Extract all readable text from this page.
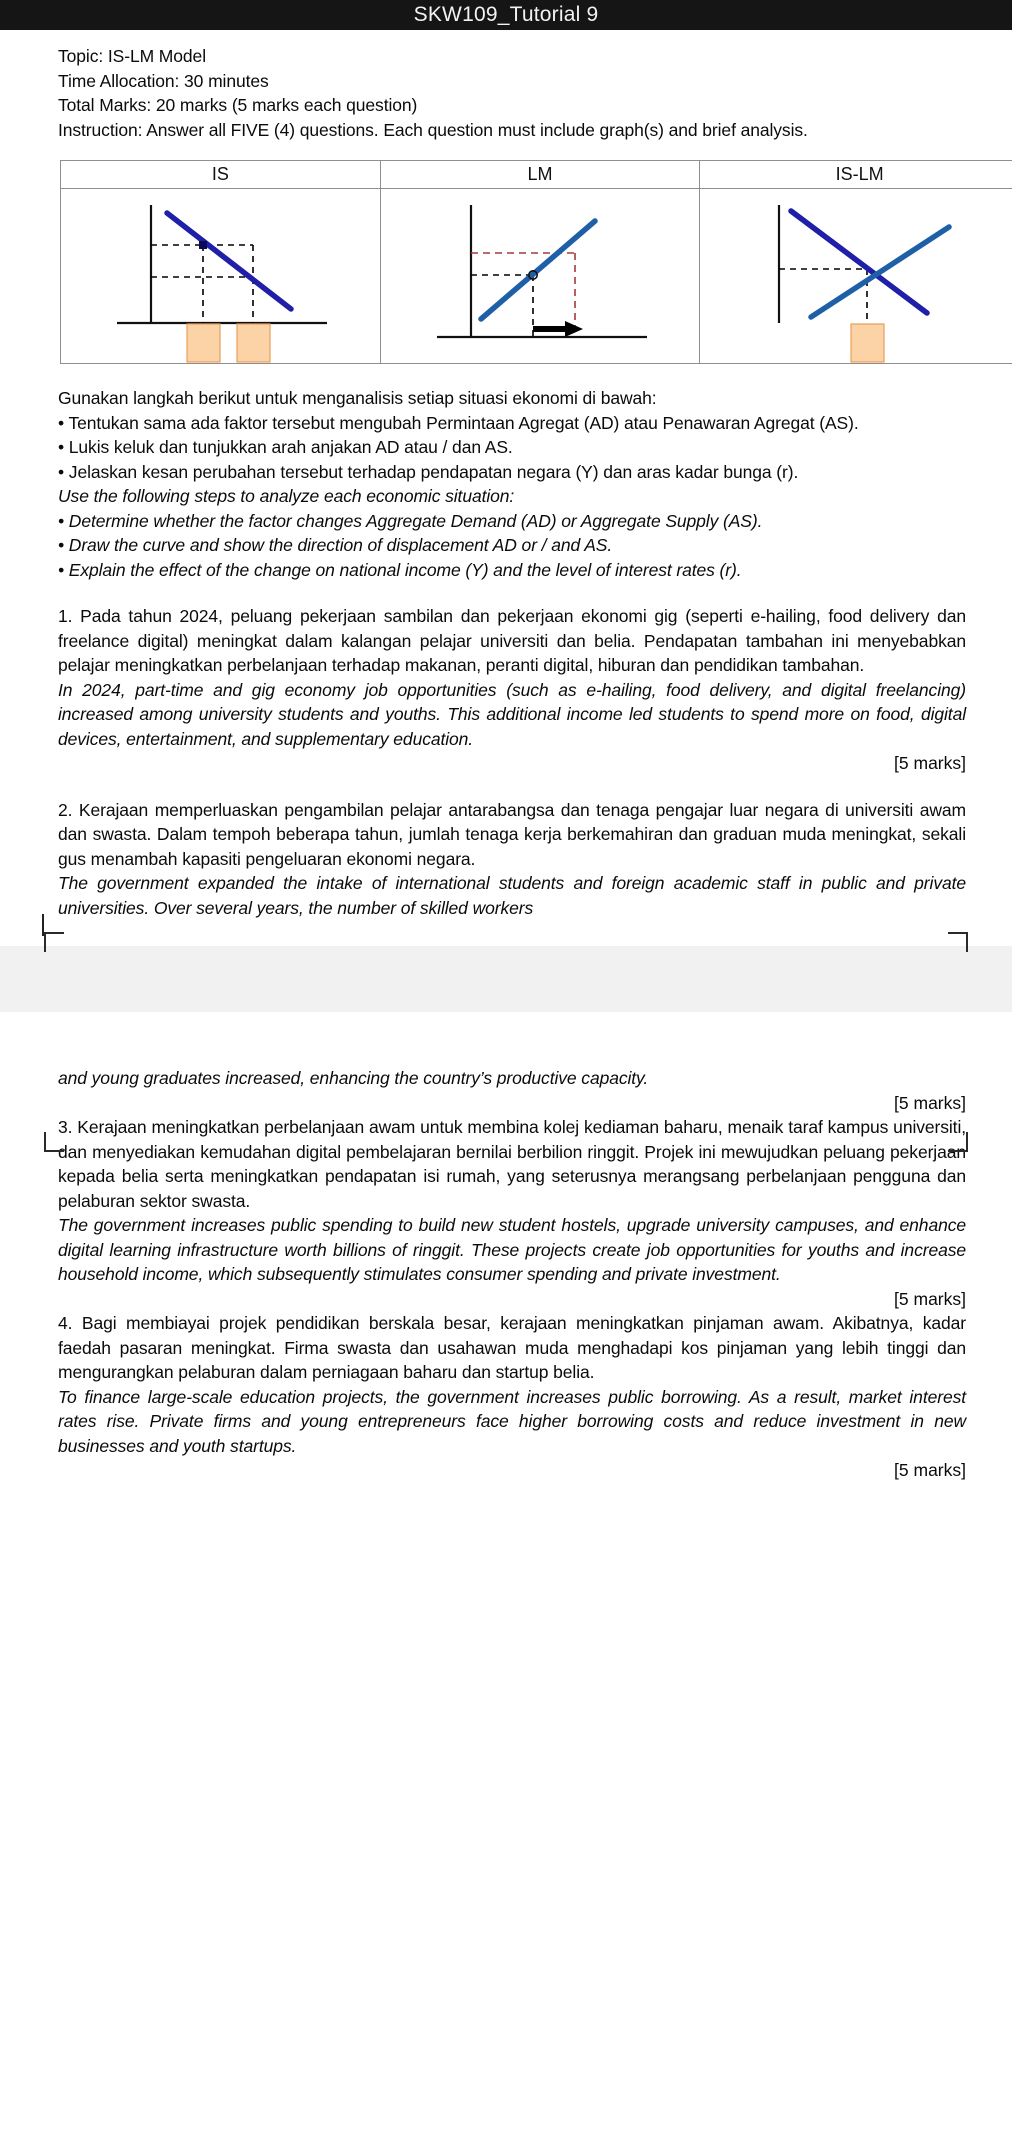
SKW109_Tutorial 9

Topic: IS-LM Model

Time Allocation: 30 minutes

Total Marks: 20 marks (5 marks each question)

Instruction: Answer all FIVE (4) questions. Each question must include graph(s) and brief analysis.

IS	LM	IS-LM

Gunakan langkah berikut untuk menganalisis setiap situasi ekonomi di bawah:

• Tentukan sama ada faktor tersebut mengubah Permintaan Agregat (AD) atau Penawaran Agregat (AS).

• Lukis keluk dan tunjukkan arah anjakan AD atau / dan AS.

• Jelaskan kesan perubahan tersebut terhadap pendapatan negara (Y) dan aras kadar bunga (r).

Use the following steps to analyze each economic situation:

• Determine whether the factor changes Aggregate Demand (AD) or Aggregate Supply (AS).

• Draw the curve and show the direction of displacement AD or / and AS.

• Explain the effect of the change on national income (Y) and the level of interest rates (r).

1. Pada tahun 2024, peluang pekerjaan sambilan dan pekerjaan ekonomi gig (seperti e-hailing, food delivery dan freelance digital) meningkat dalam kalangan pelajar universiti dan belia. Pendapatan tambahan ini menyebabkan pelajar meningkatkan perbelanjaan terhadap makanan, peranti digital, hiburan dan pendidikan tambahan.

In 2024, part-time and gig economy job opportunities (such as e-hailing, food delivery, and digital freelancing) increased among university students and youths. This additional income led students to spend more on food, digital devices, entertainment, and supplementary education.

[5 marks]

2. Kerajaan memperluaskan pengambilan pelajar antarabangsa dan tenaga pengajar luar negara di universiti awam dan swasta. Dalam tempoh beberapa tahun, jumlah tenaga kerja berkemahiran dan graduan muda meningkat, sekali gus menambah kapasiti pengeluaran ekonomi negara.

The government expanded the intake of international students and foreign academic staff in public and private universities. Over several years, the number of skilled workers

and young graduates increased, enhancing the country’s productive capacity.

[5 marks]

3. Kerajaan meningkatkan perbelanjaan awam untuk membina kolej kediaman baharu, menaik taraf kampus universiti, dan menyediakan kemudahan digital pembelajaran bernilai berbilion ringgit. Projek ini mewujudkan peluang pekerjaan kepada belia serta meningkatkan pendapatan isi rumah, yang seterusnya merangsang perbelanjaan pengguna dan pelaburan sektor swasta.

The government increases public spending to build new student hostels, upgrade university campuses, and enhance digital learning infrastructure worth billions of ringgit. These projects create job opportunities for youths and increase household income, which subsequently stimulates consumer spending and private investment.

[5 marks]

4. Bagi membiayai projek pendidikan berskala besar, kerajaan meningkatkan pinjaman awam. Akibatnya, kadar faedah pasaran meningkat. Firma swasta dan usahawan muda menghadapi kos pinjaman yang lebih tinggi dan mengurangkan pelaburan dalam perniagaan baharu dan startup belia.

To finance large-scale education projects, the government increases public borrowing. As a result, market interest rates rise. Private firms and young entrepreneurs face higher borrowing costs and reduce investment in new businesses and youth startups.

[5 marks]
